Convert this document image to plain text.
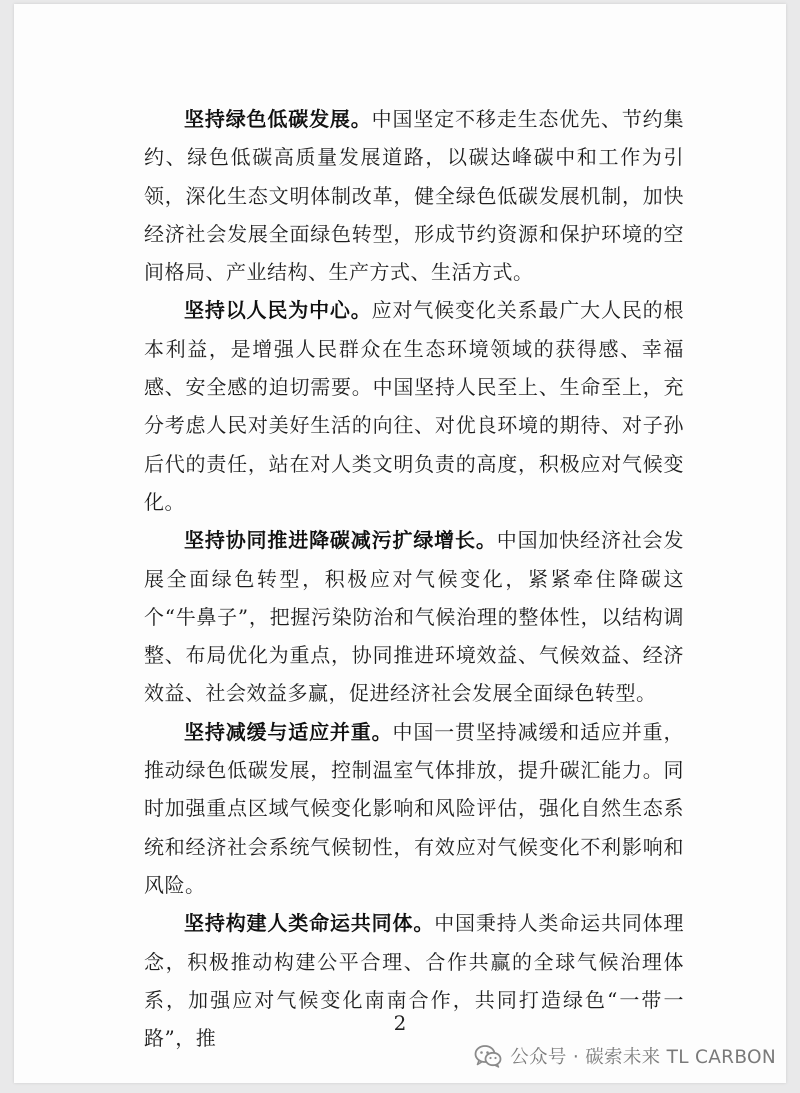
坚持绿色低碳发展。中国坚定不移走生态优先、节约集约、绿色低碳高质量发展道路，以碳达峰碳中和工作为引领，深化生态文明体制改革，健全绿色低碳发展机制，加快经济社会发展全面绿色转型，形成节约资源和保护环境的空间格局、产业结构、生产方式、生活方式。

坚持以人民为中心。应对气候变化关系最广大人民的根本利益，是增强人民群众在生态环境领域的获得感、幸福感、安全感的迫切需要。中国坚持人民至上、生命至上，充分考虑人民对美好生活的向往、对优良环境的期待、对子孙后代的责任，站在对人类文明负责的高度，积极应对气候变化。

坚持协同推进降碳减污扩绿增长。中国加快经济社会发展全面绿色转型，积极应对气候变化，紧紧牵住降碳这个“牛鼻子”，把握污染防治和气候治理的整体性，以结构调整、布局优化为重点，协同推进环境效益、气候效益、经济效益、社会效益多赢，促进经济社会发展全面绿色转型。

坚持减缓与适应并重。中国一贯坚持减缓和适应并重，推动绿色低碳发展，控制温室气体排放，提升碳汇能力。同时加强重点区域气候变化影响和风险评估，强化自然生态系统和经济社会系统气候韧性，有效应对气候变化不利影响和风险。

坚持构建人类命运共同体。中国秉持人类命运共同体理念，积极推动构建公平合理、合作共赢的全球气候治理体系，加强应对气候变化南南合作，共同打造绿色“一带一路”，推

2
公众号 · 碳索未来 TL CARBON
